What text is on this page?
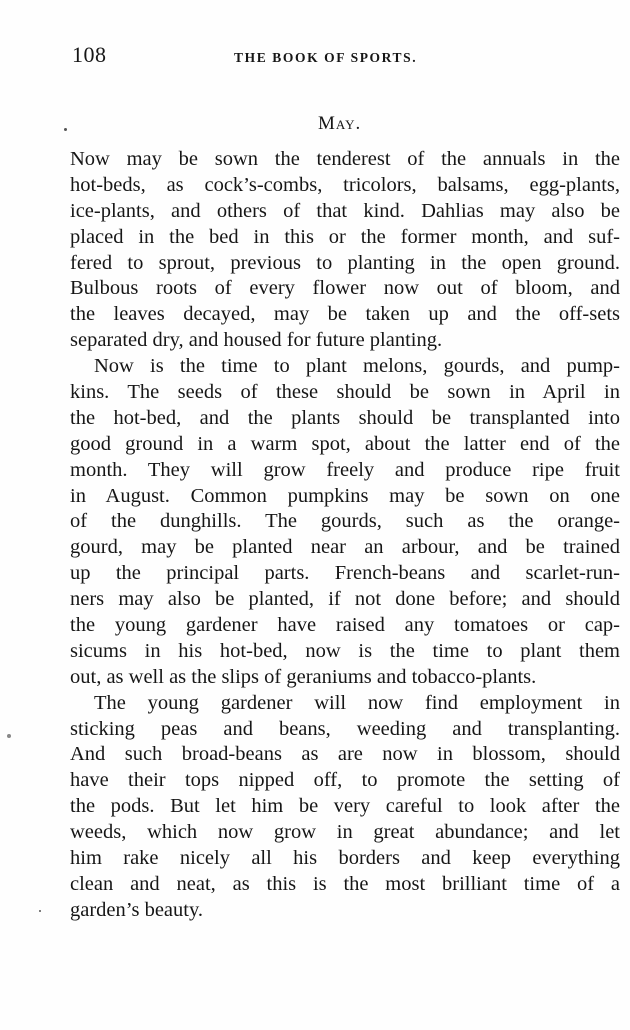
108	THE BOOK OF SPORTS.
May.
Now may be sown the tenderest of the annuals in the
hot-beds, as cock’s-combs, tricolors, balsams, egg-plants,
ice-plants, and others of that kind. Dahlias may also be
placed in the bed in this or the former month, and suf-
fered to sprout, previous to planting in the open ground.
Bulbous roots of every flower now out of bloom, and
the leaves decayed, may be taken up and the off-sets
separated dry, and housed for future planting.
Now is the time to plant melons, gourds, and pump-
kins. The seeds of these should be sown in April in
the hot-bed, and the plants should be transplanted into
good ground in a warm spot, about the latter end of the
month. They will grow freely and produce ripe fruit
in August. Common pumpkins may be sown on one
of the dunghills. The gourds, such as the orange-
gourd, may be planted near an arbour, and be trained
up the principal parts. French-beans and scarlet-run-
ners may also be planted, if not done before; and should
the young gardener have raised any tomatoes or cap-
sicums in his hot-bed, now is the time to plant them
out, as well as the slips of geraniums and tobacco-plants.
The young gardener will now find employment in
sticking peas and beans, weeding and transplanting.
And such broad-beans as are now in blossom, should
have their tops nipped off, to promote the setting of
the pods. But let him be very careful to look after the
weeds, which now grow in great abundance; and let
him rake nicely all his borders and keep everything
clean and neat, as this is the most brilliant time of a
garden’s beauty.
